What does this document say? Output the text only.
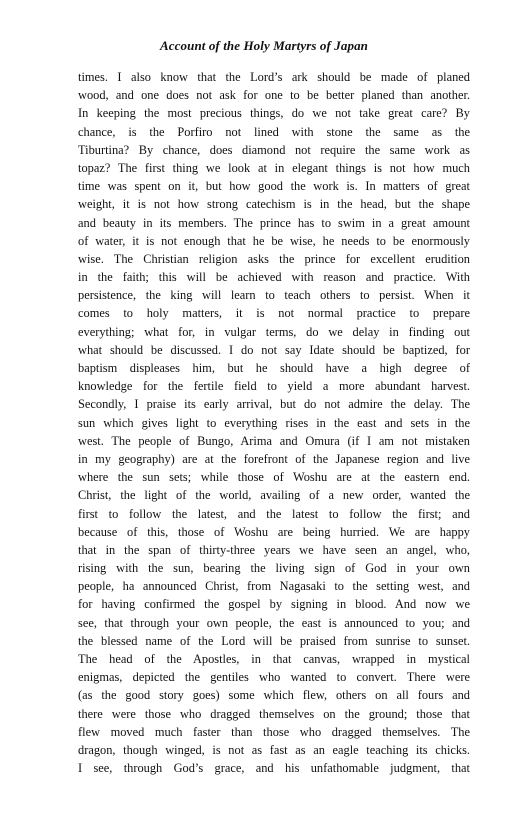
Account of the Holy Martyrs of Japan
times. I also know that the Lord’s ark should be made of planed
wood, and one does not ask for one to be better planed than another.
In keeping the most precious things, do we not take great care? By
chance, is the Porfiro not lined with stone the same as the
Tiburtina? By chance, does diamond not require the same work as
topaz? The first thing we look at in elegant things is not how much
time was spent on it, but how good the work is. In matters of great
weight, it is not how strong catechism is in the head, but the shape
and beauty in its members. The prince has to swim in a great amount
of water, it is not enough that he be wise, he needs to be enormously
wise. The Christian religion asks the prince for excellent erudition
in the faith; this will be achieved with reason and practice. With
persistence, the king will learn to teach others to persist. When it
comes to holy matters, it is not normal practice to prepare
everything; what for, in vulgar terms, do we delay in finding out
what should be discussed. I do not say Idate should be baptized, for
baptism displeases him, but he should have a high degree of
knowledge for the fertile field to yield a more abundant harvest.
Secondly, I praise its early arrival, but do not admire the delay. The
sun which gives light to everything rises in the east and sets in the
west. The people of Bungo, Arima and Omura (if I am not mistaken
in my geography) are at the forefront of the Japanese region and live
where the sun sets; while those of Woshu are at the eastern end.
Christ, the light of the world, availing of a new order, wanted the
first to follow the latest, and the latest to follow the first; and
because of this, those of Woshu are being hurried. We are happy
that in the span of thirty-three years we have seen an angel, who,
rising with the sun, bearing the living sign of God in your own
people, ha announced Christ, from Nagasaki to the setting west, and
for having confirmed the gospel by signing in blood. And now we
see, that through your own people, the east is announced to you; and
the blessed name of the Lord will be praised from sunrise to sunset.
The head of the Apostles, in that canvas, wrapped in mystical
enigmas, depicted the gentiles who wanted to convert. There were
(as the good story goes) some which flew, others on all fours and
there were those who dragged themselves on the ground; those that
flew moved much faster than those who dragged themselves. The
dragon, though winged, is not as fast as an eagle teaching its chicks.
I see, through God’s grace, and his unfathomable judgment, that
